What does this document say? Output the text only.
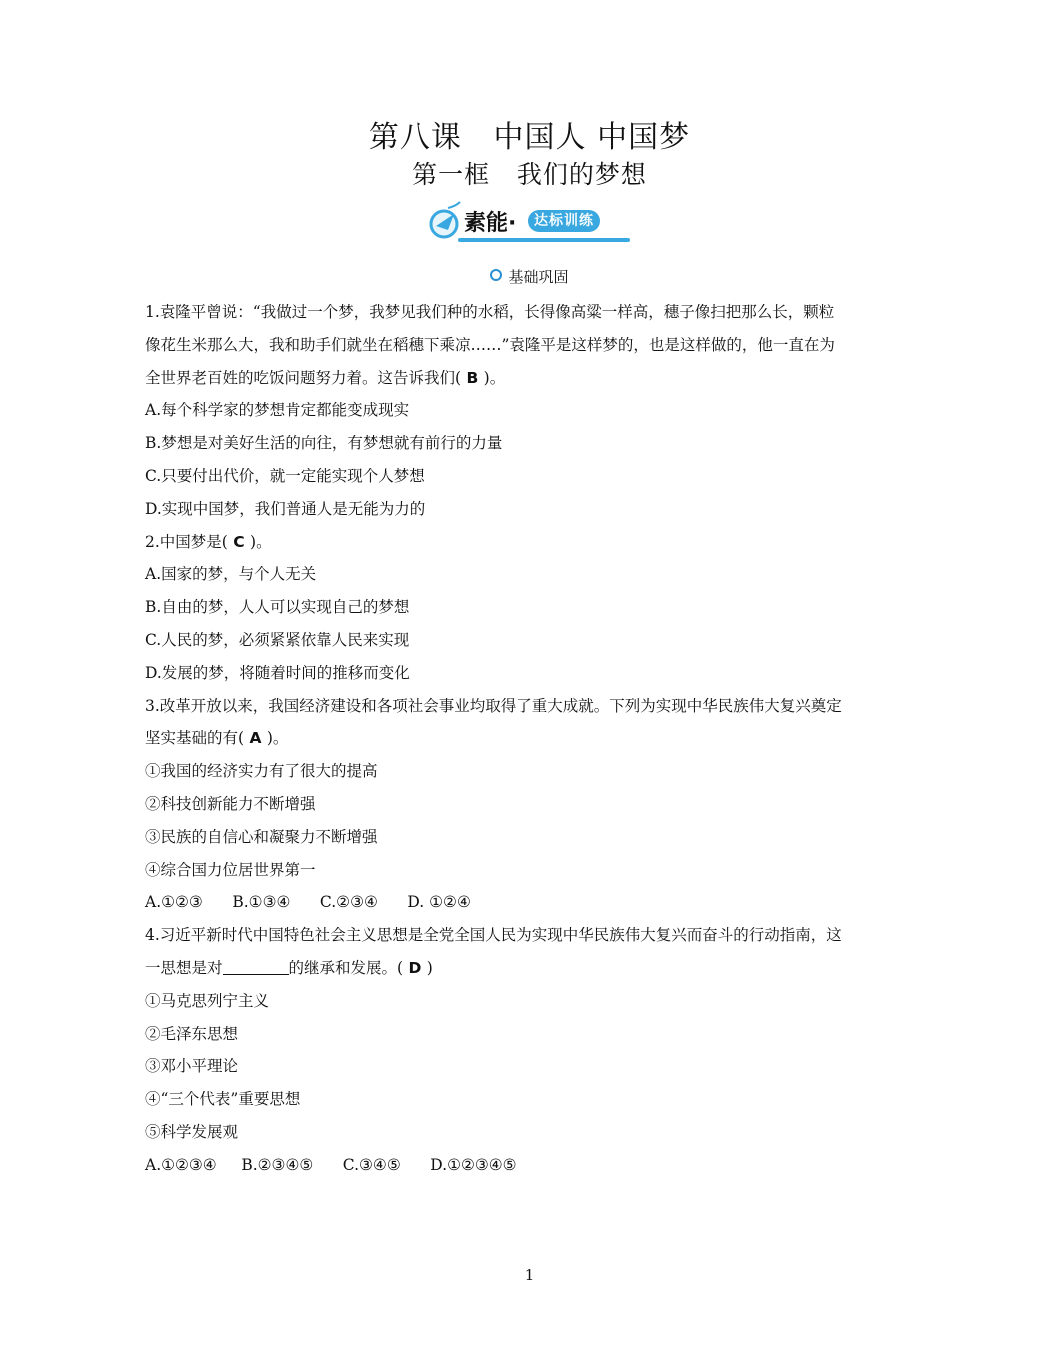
第八课   中国人 中国梦
第一框   我们的梦想
素能·	达标训练
基础巩固
1.袁隆平曾说：“我做过一个梦，我梦见我们种的水稻，长得像高粱一样高，穗子像扫把那么长，颗粒
像花生米那么大，我和助手们就坐在稻穗下乘凉……”袁隆平是这样梦的，也是这样做的，他一直在为
全世界老百姓的吃饭问题努力着。这告诉我们( B )。
A.每个科学家的梦想肯定都能变成现实
B.梦想是对美好生活的向往，有梦想就有前行的力量
C.只要付出代价，就一定能实现个人梦想
D.实现中国梦，我们普通人是无能为力的
2.中国梦是( C )。
A.国家的梦，与个人无关
B.自由的梦，人人可以实现自己的梦想
C.人民的梦，必须紧紧依靠人民来实现
D.发展的梦，将随着时间的推移而变化
3.改革开放以来，我国经济建设和各项社会事业均取得了重大成就。下列为实现中华民族伟大复兴奠定
坚实基础的有( A )。
①我国的经济实力有了很大的提高
②科技创新能力不断增强
③民族的自信心和凝聚力不断增强
④综合国力位居世界第一
A.①②③      B.①③④      C.②③④      D. ①②④
4.习近平新时代中国特色社会主义思想是全党全国人民为实现中华民族伟大复兴而奋斗的行动指南，这
一思想是对	的继承和发展。( D )
①马克思列宁主义
②毛泽东思想
③邓小平理论
④“三个代表”重要思想
⑤科学发展观
A.①②③④     B.②③④⑤      C.③④⑤      D.①②③④⑤
1
